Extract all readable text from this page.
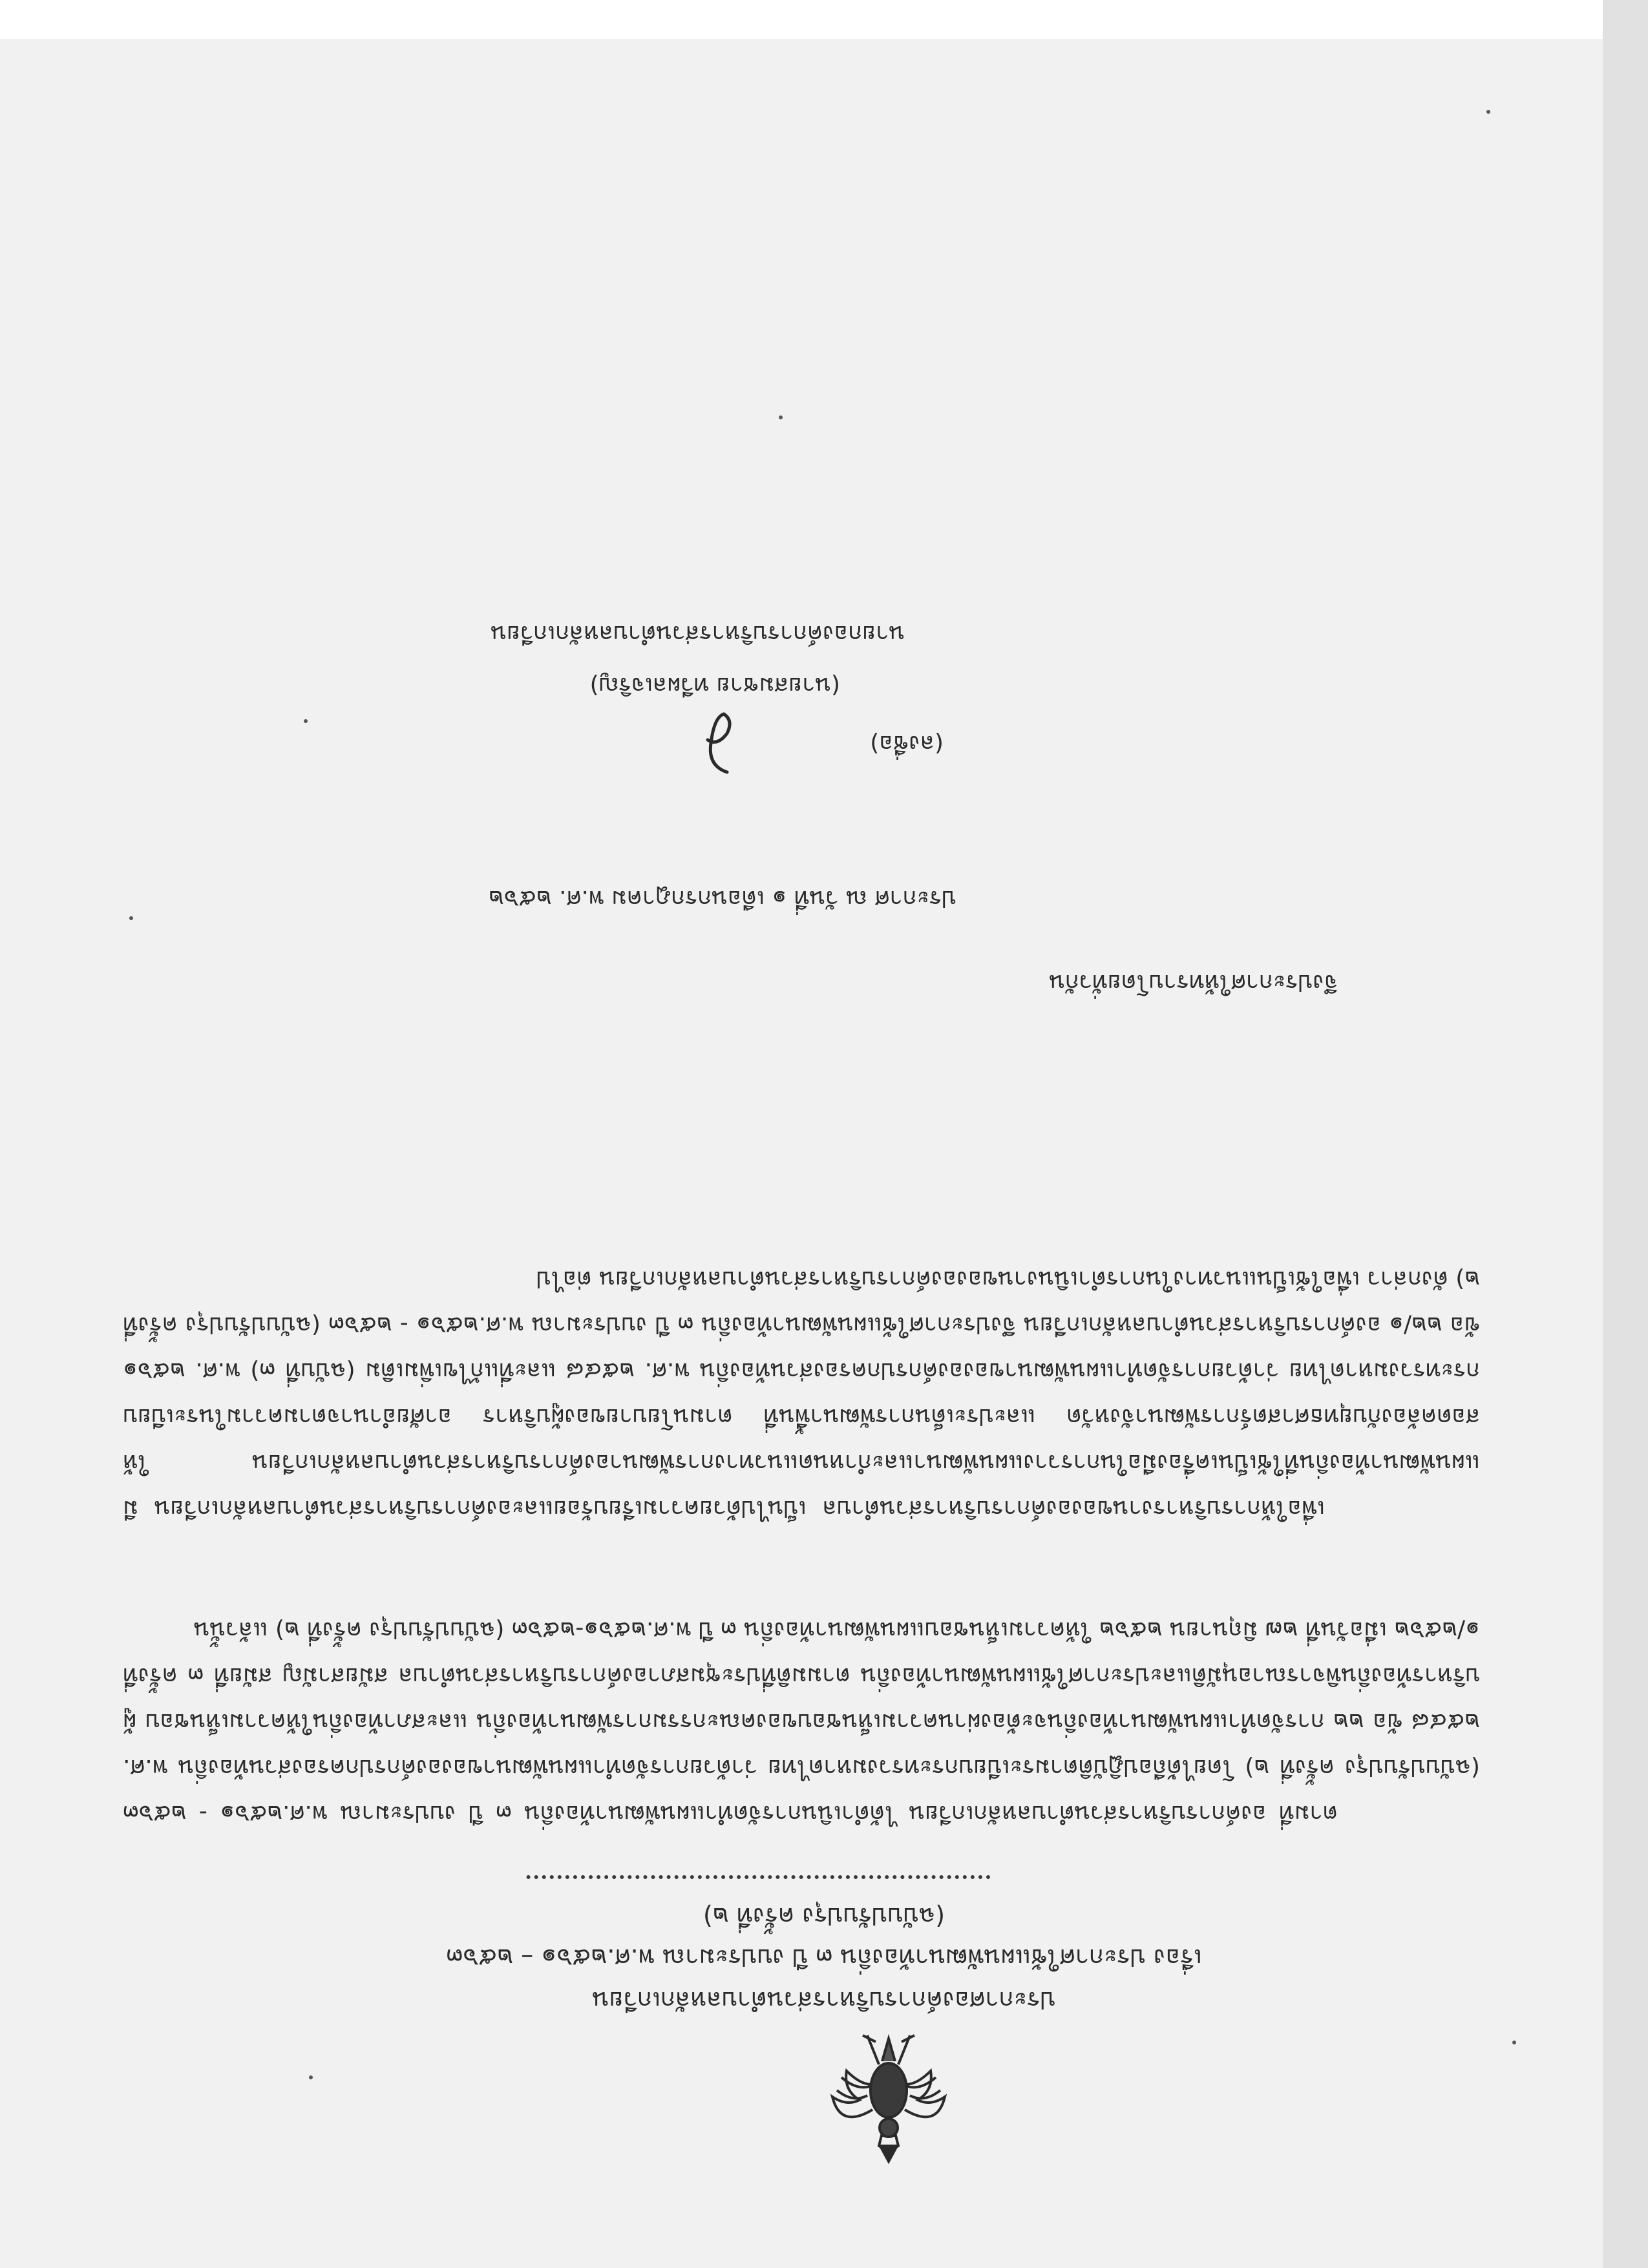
ประกาศองค์การบริหารส่วนตำบลหลักเกวียน
เรื่อง ประกาศใช้แผนพัฒนาท้องถิ่น ๓ ปี งบประมาณ พ.ศ.๒๕๖๑ – ๒๕๖๓
(ฉบับปรับปรุง ครั้งที่ ๒)
ตามที่ องค์การบริหารส่วนตำบลหลักเกวียน ได้ดำเนินการจัดทำแผนพัฒนาท้องถิ่น ๓ ปี งบประมาณ พ.ศ.๒๕๖๑ - ๒๕๖๓ (ฉบับปรับปรุง ครั้งที่ ๒) โดยได้ถือปฏิบัติตามระเบียบกระทรวงมหาดไทย ว่าด้วยการจัดทำแผนพัฒนาขององค์กรปกครองส่วนท้องถิ่น พ.ศ. ๒๕๔๘ ข้อ ๒๒ การจัดทำแผนพัฒนาท้องถิ่นจะต้องผ่านความเห็นชอบของคณะกรรมการพัฒนาท้องถิ่น และสภาท้องถิ่นให้ความเห็นชอบ ผู้บริหารท้องถิ่นพิจารณาอนุมัติและประกาศใช้แผนพัฒนาท้องถิ่น ตามมติที่ประชุมสภาองค์การบริหารส่วนตำบล สมัยสามัญ สมัยที่ ๓ ครั้งที่ ๑/๒๕๖๒ เมื่อวันที่ ๒๗ มิถุนายน ๒๕๖๒ ให้ความเห็นชอบแผนพัฒนาท้องถิ่น ๓ ปี พ.ศ.๒๕๖๑-๒๕๖๓ (ฉบับปรับปรุง ครั้งที่ ๒) แล้วนั้น
เพื่อให้การบริหารงานขององค์การบริหารส่วนตำบล เป็นไปด้วยความเรียบร้อยและองค์การบริหารส่วนตำบลหลักเกวียน มีแผนพัฒนาท้องถิ่นที่ใช้เป็นเครื่องมือในการวางแผนพัฒนาและกำหนดแนวทางการพัฒนาองค์การบริหารส่วนตำบลหลักเกวียน ให้สอดคล้องกับยุทธศาสตร์การพัฒนาจังหวัด และประเด็นการพัฒนาพื้นที่ ตามนโยบายของผู้บริหาร อาศัยอำนาจตามความในระเบียบกระทรวงมหาดไทย ว่าด้วยการจัดทำแผนพัฒนาขององค์กรปกครองส่วนท้องถิ่น พ.ศ. ๒๕๔๘ และที่แก้ไขเพิ่มเติม (ฉบับที่ ๓) พ.ศ. ๒๕๖๑ ข้อ ๒๒/๑ องค์การบริหารส่วนตำบลหลักเกวียน จึงประกาศใช้แผนพัฒนาท้องถิ่น ๓ ปี งบประมาณ พ.ศ.๒๕๖๑ - ๒๕๖๓ (ฉบับปรับปรุง ครั้งที่ ๒) ดังกล่าว เพื่อใช้เป็นแนวทางในการดำเนินงานขององค์การบริหารส่วนตำบลหลักเกวียน ต่อไป
จึงประกาศให้ทราบโดยทั่วกัน
ประกาศ ณ วันที่ ๑ เดือนกรกฎาคม พ.ศ. ๒๕๖๒
(ลงชื่อ)
(นายสมชาย ทวีผลเจริญ)
นายกองค์การบริหารส่วนตำบลหลักเกวียน
